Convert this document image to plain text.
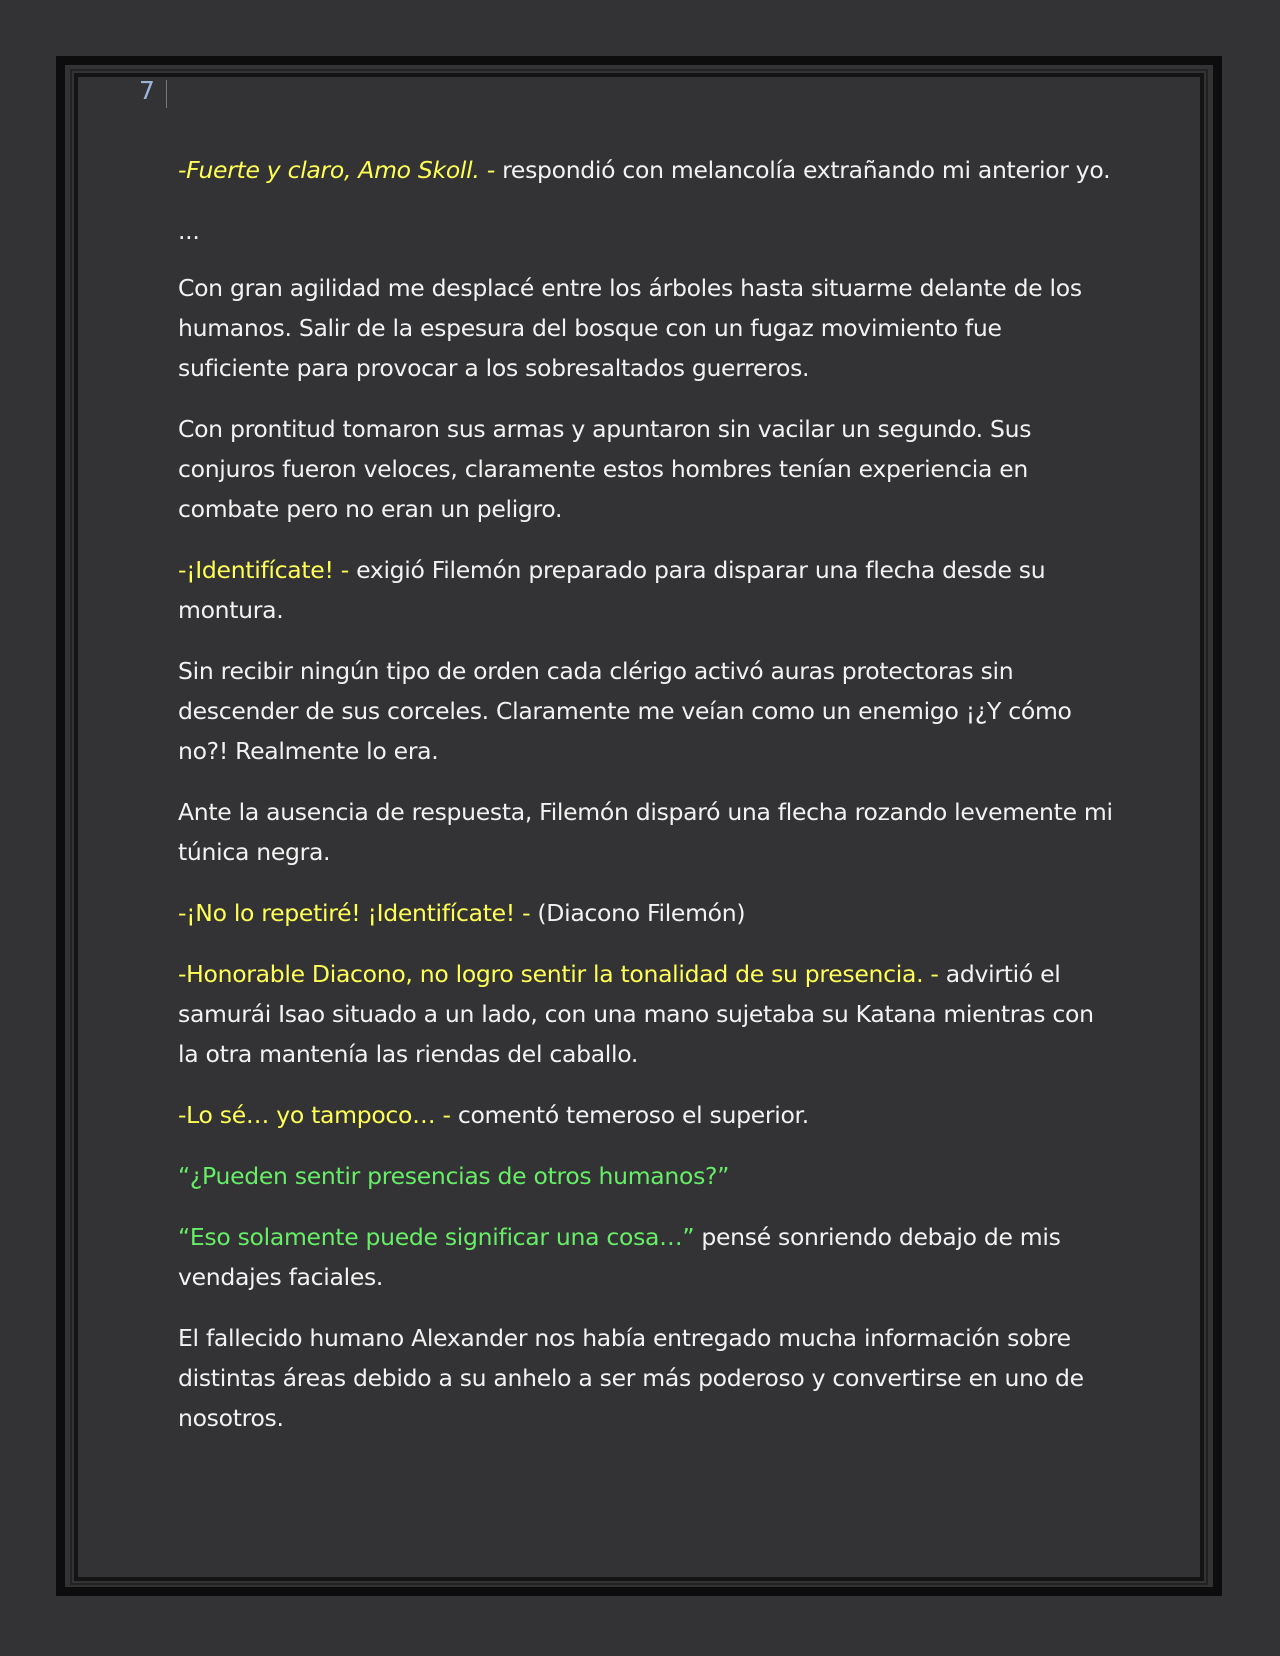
7

-Fuerte y claro, Amo Skoll. - respondió con melancolía extrañando mi anterior yo.

...

Con gran agilidad me desplacé entre los árboles hasta situarme delante de los humanos. Salir de la espesura del bosque con un fugaz movimiento fue suficiente para provocar a los sobresaltados guerreros.

Con prontitud tomaron sus armas y apuntaron sin vacilar un segundo. Sus conjuros fueron veloces, claramente estos hombres tenían experiencia en combate pero no eran un peligro.

-¡Identifícate! - exigió Filemón preparado para disparar una flecha desde su montura.

Sin recibir ningún tipo de orden cada clérigo activó auras protectoras sin descender de sus corceles. Claramente me veían como un enemigo ¡¿Y cómo no?! Realmente lo era.

Ante la ausencia de respuesta, Filemón disparó una flecha rozando levemente mi túnica negra.

-¡No lo repetiré! ¡Identifícate! - (Diacono Filemón)

-Honorable Diacono, no logro sentir la tonalidad de su presencia. - advirtió el samurái Isao situado a un lado, con una mano sujetaba su Katana mientras con la otra mantenía las riendas del caballo.

-Lo sé… yo tampoco… - comentó temeroso el superior.

“¿Pueden sentir presencias de otros humanos?”

“Eso solamente puede significar una cosa…” pensé sonriendo debajo de mis vendajes faciales.

El fallecido humano Alexander nos había entregado mucha información sobre distintas áreas debido a su anhelo a ser más poderoso y convertirse en uno de nosotros.
